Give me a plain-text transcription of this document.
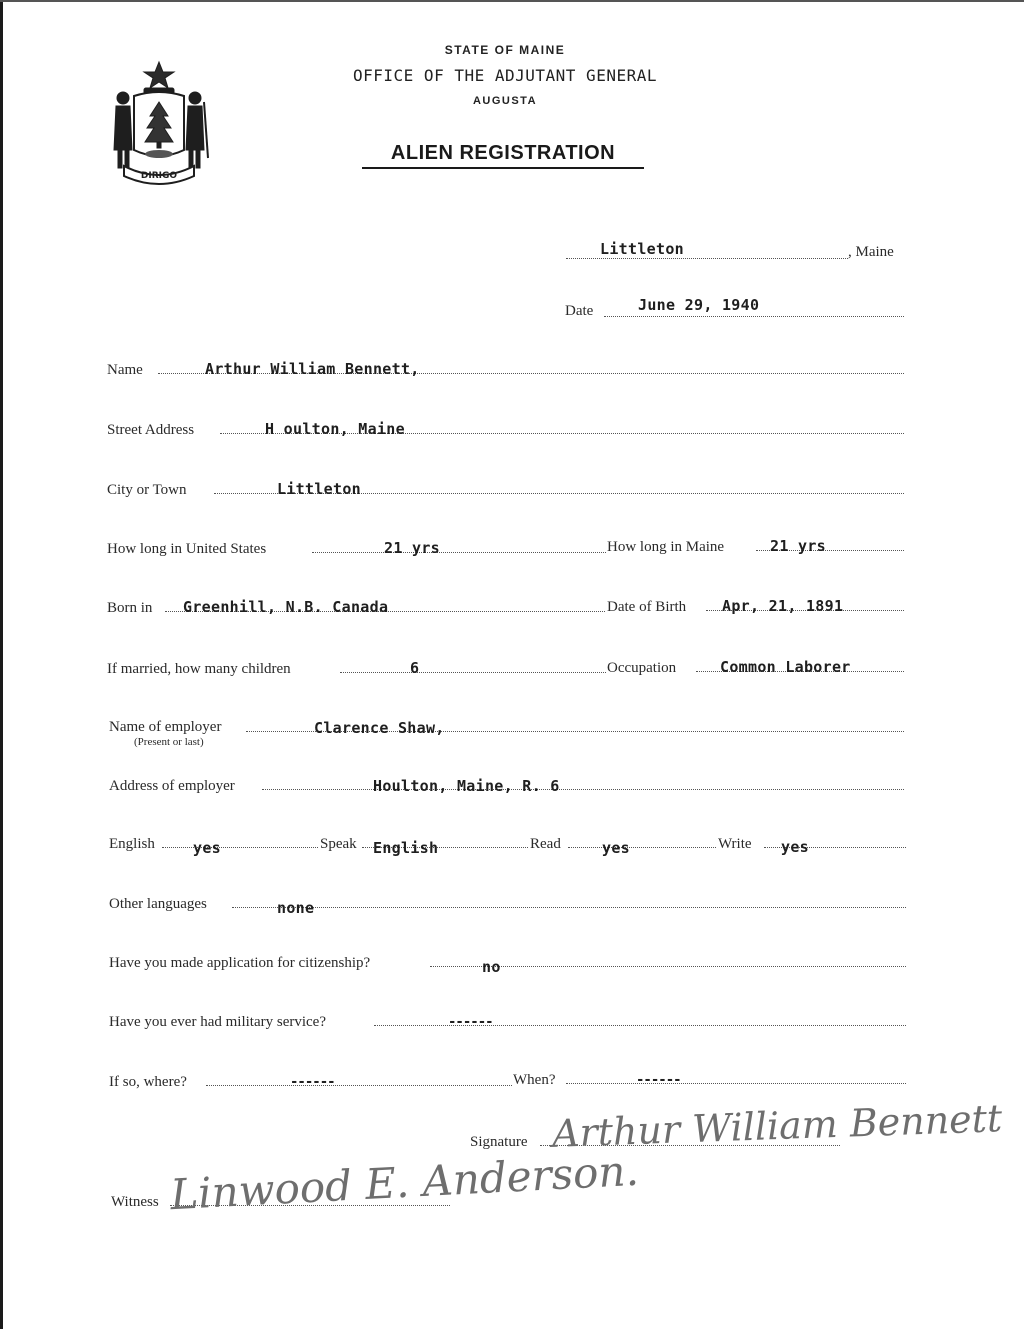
DIRIGO
STATE OF MAINE
OFFICE OF THE ADJUTANT GENERAL
AUGUSTA
ALIEN REGISTRATION
Littleton	, Maine
Date	June 29, 1940
Name	Arthur William Bennett,
Street Address	H oulton, Maine
City or Town	Littleton
How long in United States	21 yrs	How long in Maine	21 yrs
Born in Greenhill, N.B. Canada	Date of Birth Apr, 21, 1891
If married, how many children	6	Occupation	Common Laborer
Name of employer
(Present or last)
Clarence Shaw,
Address of employer	Houlton, Maine, R. 6
English	yes	Speak English	Read	yes	Write yes
Other languages	none
Have you made application for citizenship?	no
Have you ever had military service?	------
If so, where?	------	When?	------
Signature Arthur William Bennett
Witness Linwood E. Anderson.
